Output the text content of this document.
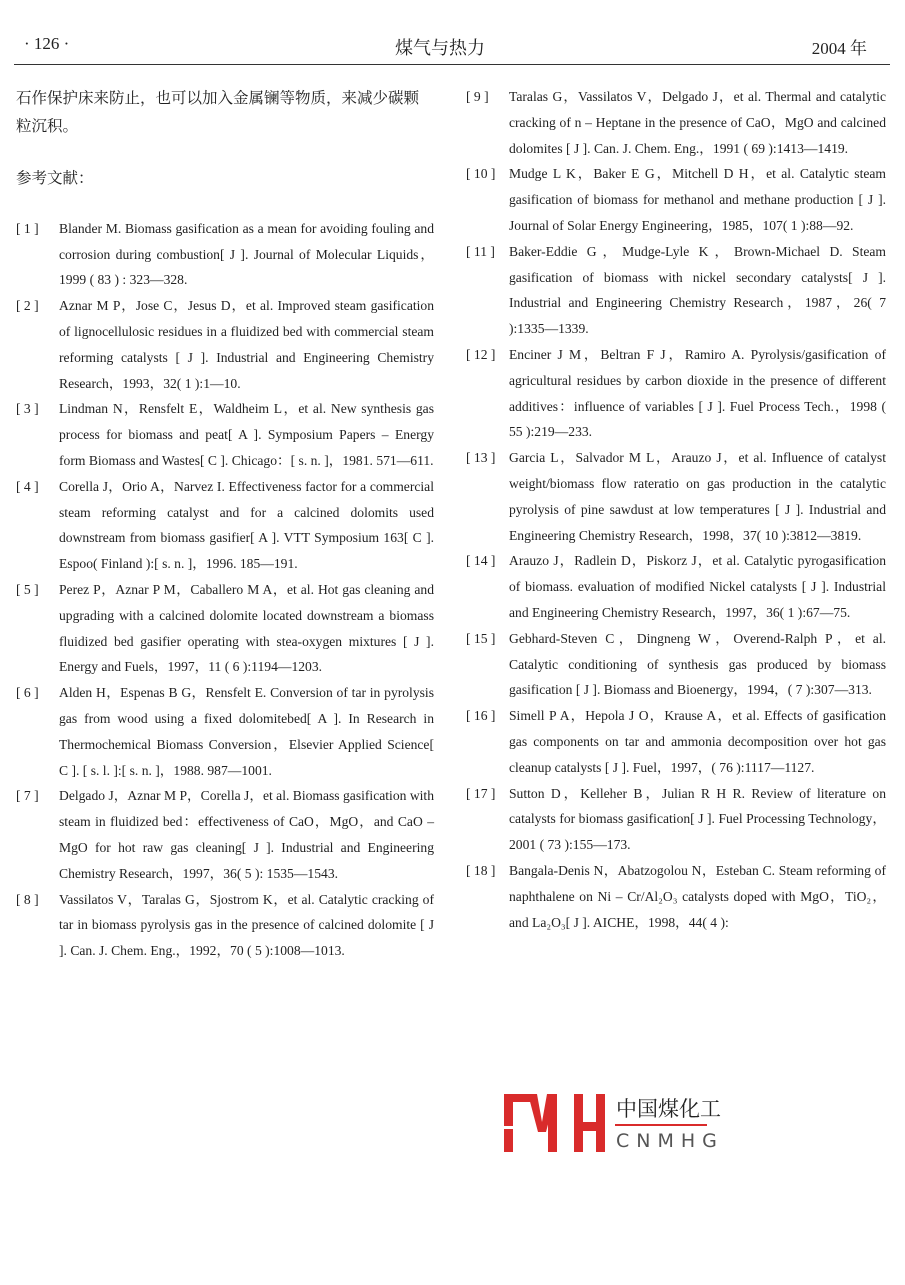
· 126 ·	煤气与热力	2004 年

石作保护床来防止，也可以加入金属镧等物质，来减少碳颗粒沉积。

参考文献：
[ 1 ]	Blander M. Biomass gasification as a mean for avoiding fouling and corrosion during combustion[ J ]. Journal of Molecular Liquids，1999 ( 83 ) : 323—328.
[ 2 ]	Aznar M P，Jose C，Jesus D，et al. Improved steam gasification of lignocellulosic residues in a fluidized bed with commercial steam reforming catalysts [ J ]. Industrial and Engineering Chemistry Research，1993，32( 1 ):1—10.
[ 3 ]	Lindman N，Rensfelt E，Waldheim L，et al. New synthesis gas process for biomass and peat[ A ]. Symposium Papers – Energy form Biomass and Wastes[ C ]. Chicago：[ s. n. ]，1981. 571—611.
[ 4 ]	Corella J，Orio A，Narvez I. Effectiveness factor for a commercial steam reforming catalyst and for a calcined dolomits used downstream from biomass gasifier[ A ]. VTT Symposium 163[ C ]. Espoo( Finland ):[ s. n. ]，1996. 185—191.
[ 5 ]	Perez P，Aznar P M，Caballero M A，et al. Hot gas cleaning and upgrading with a calcined dolomite located downstream a biomass fluidized bed gasifier operating with stea-oxygen mixtures [ J ]. Energy and Fuels，1997，11 ( 6 ):1194—1203.
[ 6 ]	Alden H，Espenas B G，Rensfelt E. Conversion of tar in pyrolysis gas from wood using a fixed dolomitebed[ A ]. In Research in Thermochemical Biomass Conversion，Elsevier Applied Science[ C ]. [ s. l. ]:[ s. n. ]，1988. 987—1001.
[ 7 ]	Delgado J，Aznar M P，Corella J，et al. Biomass gasification with steam in fluidized bed：effectiveness of CaO，MgO，and CaO – MgO for hot raw gas cleaning[ J ]. Industrial and Engineering Chemistry Research，1997，36( 5 ): 1535—1543.
[ 8 ]	Vassilatos V，Taralas G，Sjostrom K，et al. Catalytic cracking of tar in biomass pyrolysis gas in the presence of calcined dolomite [ J ]. Can. J. Chem. Eng.，1992，70 ( 5 ):1008—1013.
[ 9 ]	Taralas G，Vassilatos V，Delgado J，et al. Thermal and catalytic cracking of n – Heptane in the presence of CaO，MgO and calcined dolomites [ J ]. Can. J. Chem. Eng.，1991 ( 69 ):1413—1419.
[ 10 ] Mudge L K，Baker E G，Mitchell D H，et al. Catalytic steam gasification of biomass for methanol and methane production [ J ]. Journal of Solar Energy Engineering，1985，107( 1 ):88—92.
[ 11 ]	Baker-Eddie G，Mudge-Lyle K，Brown-Michael D. Steam gasification of biomass with nickel secondary catalysts[ J ]. Industrial and Engineering Chemistry Research，1987，26( 7 ):1335—1339.
[ 12 ] Enciner J M，Beltran F J，Ramiro A. Pyrolysis/gasification of agricultural residues by carbon dioxide in the presence of different additives：influence of variables [ J ]. Fuel Process Tech.，1998 ( 55 ):219—233.
[ 13 ] Garcia L，Salvador M L，Arauzo J，et al. Influence of catalyst weight/biomass flow rateratio on gas production in the catalytic pyrolysis of pine sawdust at low temperatures [ J ]. Industrial and Engineering Chemistry Research，1998，37( 10 ):3812—3819.
[ 14 ] Arauzo J，Radlein D，Piskorz J，et al. Catalytic pyrogasification of biomass. evaluation of modified Nickel catalysts [ J ]. Industrial and Engineering Chemistry Research，1997，36( 1 ):67—75.
[ 15 ] Gebhard-Steven C，Dingneng W，Overend-Ralph P，et al. Catalytic conditioning of synthesis gas produced by biomass gasification [ J ]. Biomass and Bioenergy，1994，( 7 ):307—313.
[ 16 ] Simell P A，Hepola J O，Krause A，et al. Effects of gasification gas components on tar and ammonia decomposition over hot gas cleanup catalysts [ J ]. Fuel，1997，( 76 ):1117—1127.
[ 17 ] Sutton D，Kelleher B，Julian R H R. Review of literature on catalysts for biomass gasification[ J ]. Fuel Processing Technology，2001 ( 73 ):155—173.
[ 18 ] Bangala-Denis N，Abatzogolou N，Esteban C. Steam reforming of naphthalene on Ni – Cr/Al₂O₃ catalysts doped with MgO，TiO₂，and La₂O₃[ J ]. AICHE，1998，44( 4 ):
中国煤化工
CNMHG
